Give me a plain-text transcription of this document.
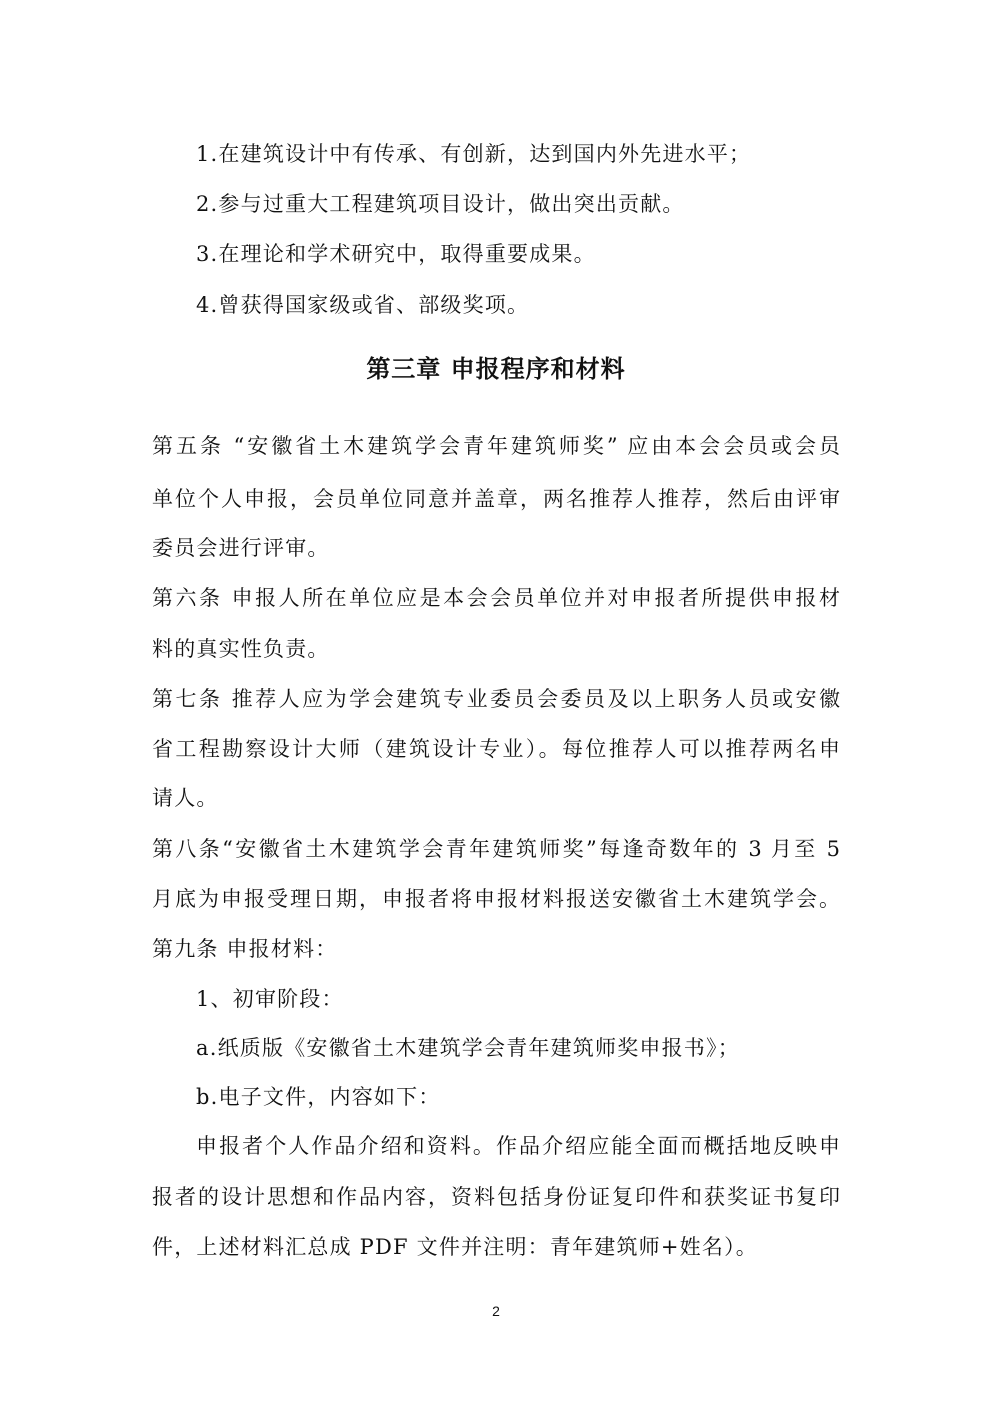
1.在建筑设计中有传承、有创新，达到国内外先进水平；
2.参与过重大工程建筑项目设计，做出突出贡献。
3.在理论和学术研究中，取得重要成果。
4.曾获得国家级或省、部级奖项。
第三章 申报程序和材料
第五条 “安徽省土木建筑学会青年建筑师奖” 应由本会会员或会员
单位个人申报，会员单位同意并盖章，两名推荐人推荐，然后由评审
委员会进行评审。
第六条 申报人所在单位应是本会会员单位并对申报者所提供申报材
料的真实性负责。
第七条 推荐人应为学会建筑专业委员会委员及以上职务人员或安徽
省工程勘察设计大师（建筑设计专业）。每位推荐人可以推荐两名申
请人。
第八条“安徽省土木建筑学会青年建筑师奖”每逢奇数年的 3 月至 5
月底为申报受理日期，申报者将申报材料报送安徽省土木建筑学会。
第九条 申报材料：
1、初审阶段：
a.纸质版《安徽省土木建筑学会青年建筑师奖申报书》；
b.电子文件，内容如下：
申报者个人作品介绍和资料。作品介绍应能全面而概括地反映申
报者的设计思想和作品内容，资料包括身份证复印件和获奖证书复印
件，上述材料汇总成 PDF 文件并注明：青年建筑师+姓名）。
2
